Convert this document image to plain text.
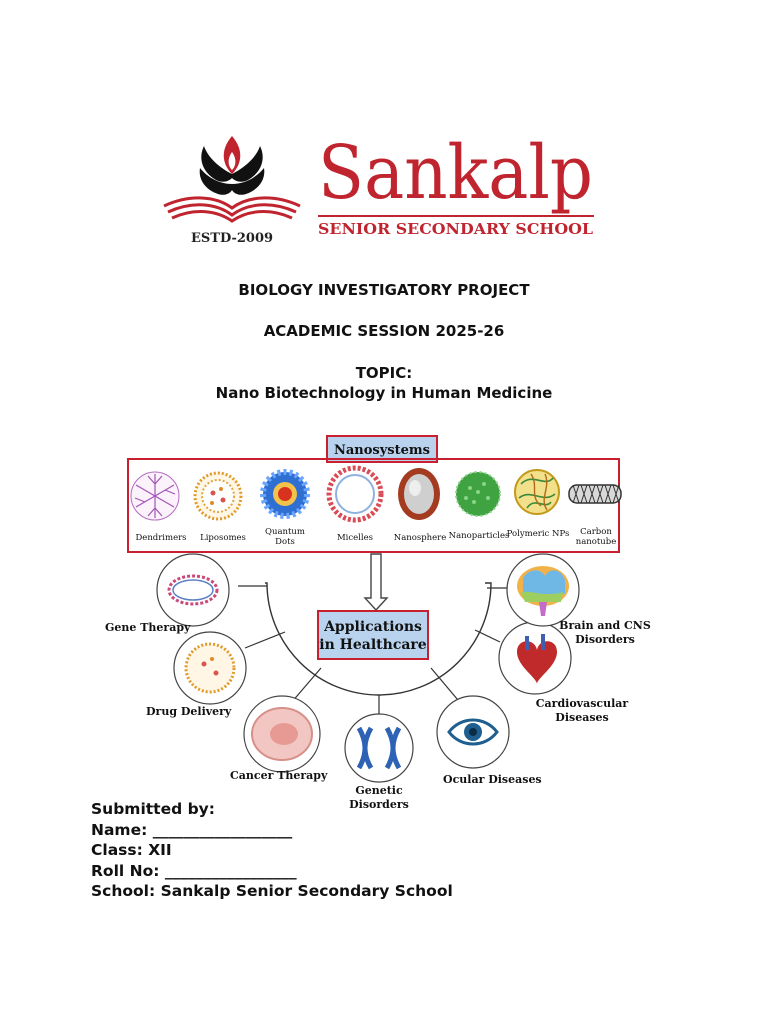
ESTD-2009
Sankalp
SENIOR SECONDARY SCHOOL
BIOLOGY INVESTIGATORY PROJECT
ACADEMIC SESSION 2025-26
TOPIC:
Nano Biotechnology in Human Medicine
Nanosystems
Dendrimers Liposomes
Quantum
Dots	Micelles Nanosphere Nanoparticles
Polymeric NPs Carbon
nanotube
Applications
in Healthcare
Gene Therapy
Drug Delivery
Cancer Therapy
Genetic
Disorders
Ocular Diseases
Cardiovascular
Diseases
Brain and CNS
Disorders
Submitted by:
Name: __________________
Class: XII
Roll No: _________________
School: Sankalp Senior Secondary School
